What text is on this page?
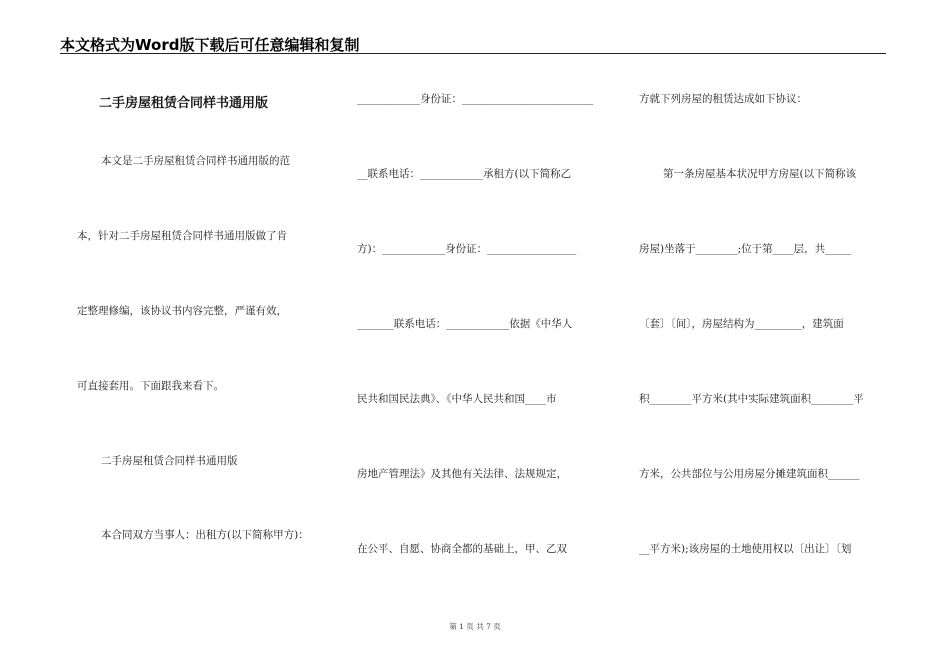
本文格式为Word版下载后可任意编辑和复制
二手房屋租赁合同样书通用版
本文是二手房屋租赁合同样书通用版的范
本，针对二手房屋租赁合同样书通用版做了肯
定整理修编，该协议书内容完整，严谨有效，
可直接套用。下面跟我来看下。
二手房屋租赁合同样书通用版
本合同双方当事人：出租方(以下简称甲方)：
____________身份证：_________________________
__联系电话：____________承租方(以下简称乙
方)：____________身份证：_________________
_______联系电话：____________依据《中华人
民共和国民法典》、《中华人民共和国____市
房地产管理法》及其他有关法律、法规规定，
在公平、自愿、协商全都的基础上，甲、乙双
方就下列房屋的租赁达成如下协议：
第一条房屋基本状况甲方房屋(以下简称该
房屋)坐落于________;位于第____层，共_____
〔套〕〔间〕，房屋结构为_________，建筑面
积________平方米(其中实际建筑面积________平
方米，公共部位与公用房屋分摊建筑面积______
__平方米);该房屋的土地使用权以〔出让〕〔划
第 1 页 共 7 页
